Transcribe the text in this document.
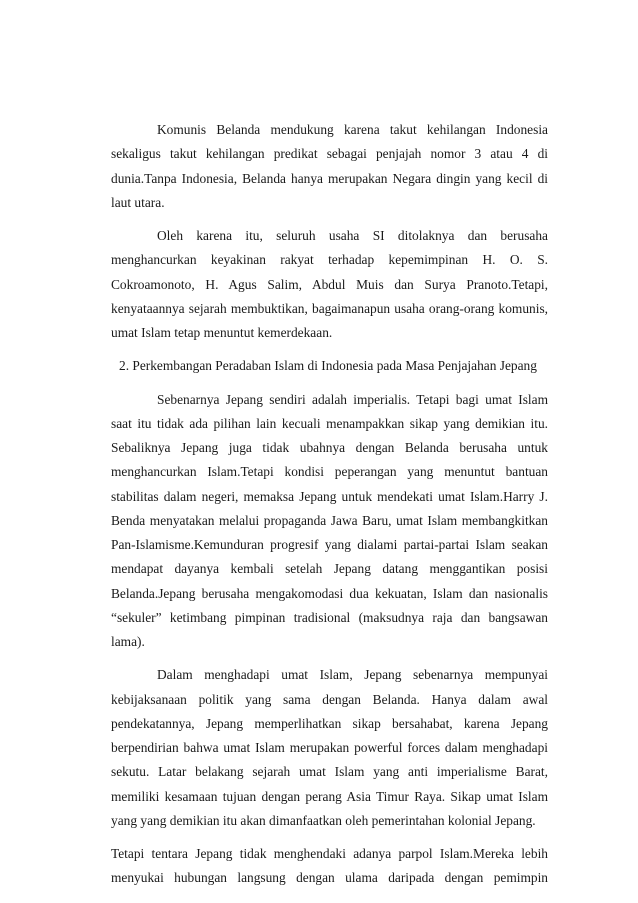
Komunis Belanda mendukung karena takut kehilangan Indonesia sekaligus takut kehilangan predikat sebagai penjajah nomor 3 atau 4 di dunia.Tanpa Indonesia, Belanda hanya merupakan Negara dingin yang kecil di laut utara.

Oleh karena itu, seluruh usaha SI ditolaknya dan berusaha menghancurkan keyakinan rakyat terhadap kepemimpinan H. O. S. Cokroamonoto, H. Agus Salim, Abdul Muis dan Surya Pranoto.Tetapi, kenyataannya sejarah membuktikan, bagaimanapun usaha orang-orang komunis, umat Islam tetap menuntut kemerdekaan.

2. Perkembangan Peradaban Islam di Indonesia pada Masa Penjajahan Jepang

Sebenarnya Jepang sendiri adalah imperialis. Tetapi bagi umat Islam saat itu tidak ada pilihan lain kecuali menampakkan sikap yang demikian itu. Sebaliknya Jepang juga tidak ubahnya dengan Belanda berusaha untuk menghancurkan Islam.Tetapi kondisi peperangan yang menuntut bantuan stabilitas dalam negeri, memaksa Jepang untuk mendekati umat Islam.Harry J. Benda menyatakan melalui propaganda Jawa Baru, umat Islam membangkitkan Pan-Islamisme.Kemunduran progresif yang dialami partai-partai Islam seakan mendapat dayanya kembali setelah Jepang datang menggantikan posisi Belanda.Jepang berusaha mengakomodasi dua kekuatan, Islam dan nasionalis “sekuler” ketimbang pimpinan tradisional (maksudnya raja dan bangsawan lama).

Dalam menghadapi umat Islam, Jepang sebenarnya mempunyai kebijaksanaan politik yang sama dengan Belanda. Hanya dalam awal pendekatannya, Jepang memperlihatkan sikap bersahabat, karena Jepang berpendirian bahwa umat Islam merupakan powerful forces dalam menghadapi sekutu. Latar belakang sejarah umat Islam yang anti imperialisme Barat, memiliki kesamaan tujuan dengan perang Asia Timur Raya. Sikap umat Islam yang yang demikian itu akan dimanfaatkan oleh pemerintahan kolonial Jepang.

Tetapi tentara Jepang tidak menghendaki adanya parpol Islam.Mereka lebih menyukai hubungan langsung dengan ulama daripada dengan pemimpin
